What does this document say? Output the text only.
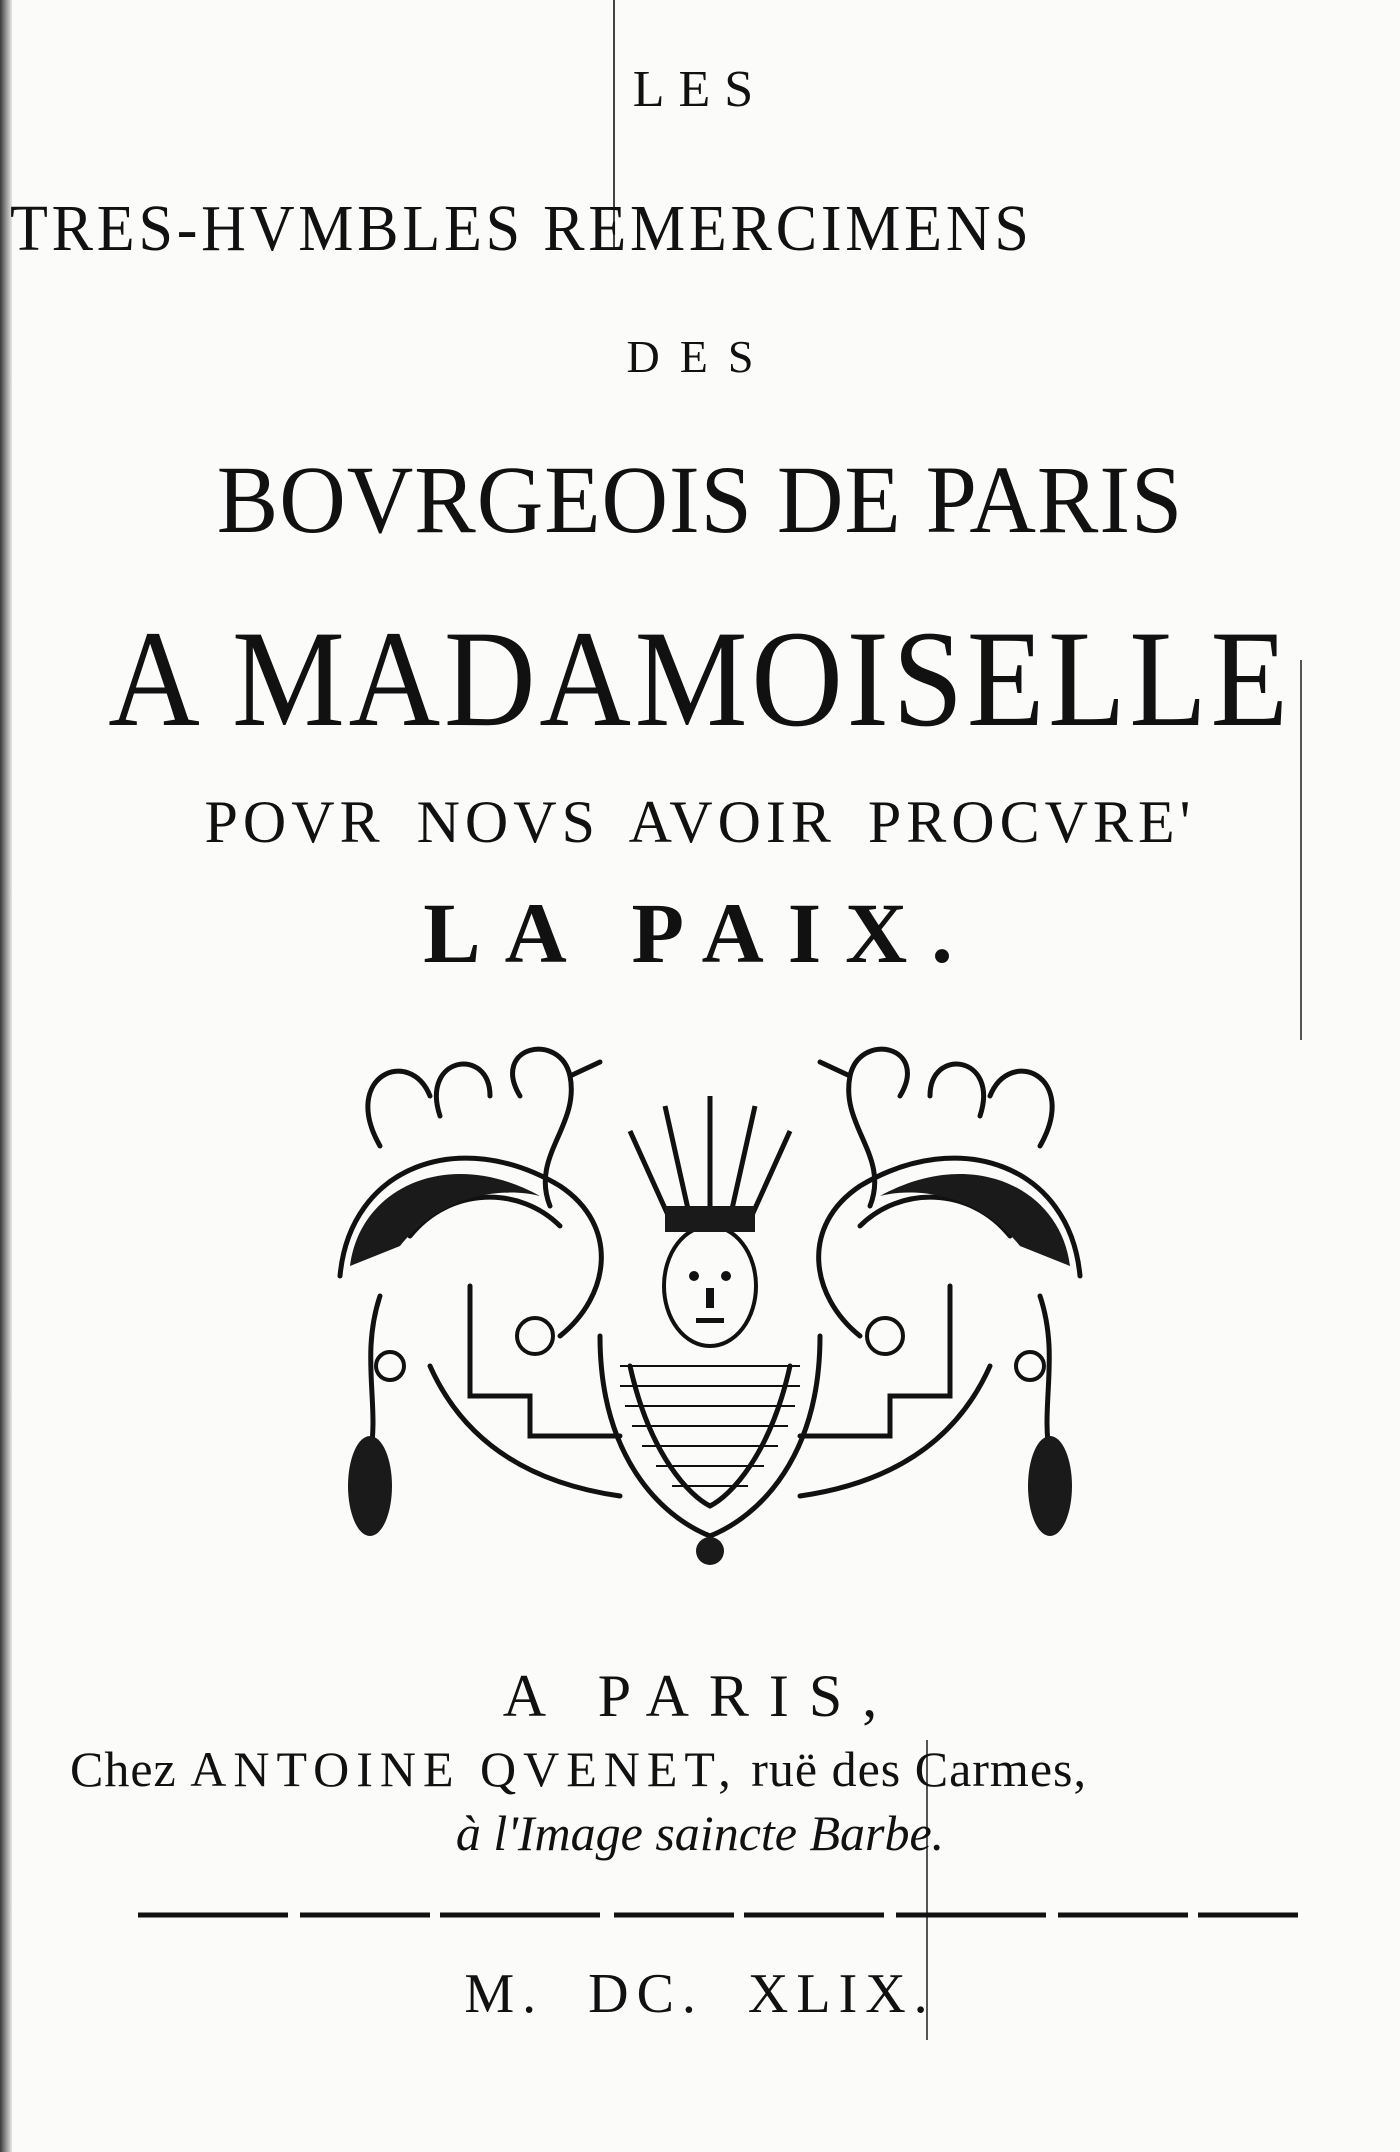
LES
TRES-HVMBLES REMERCIMENS
DES
BOVRGEOIS DE PARIS
A MADAMOISELLE
POVR NOVS AVOIR PROCVRE'
LA PAIX.
A PARIS,
Chez ANTOINE QVENET, ruë des Carmes,
à l'Image saincte Barbe.
M. DC. XLIX.
